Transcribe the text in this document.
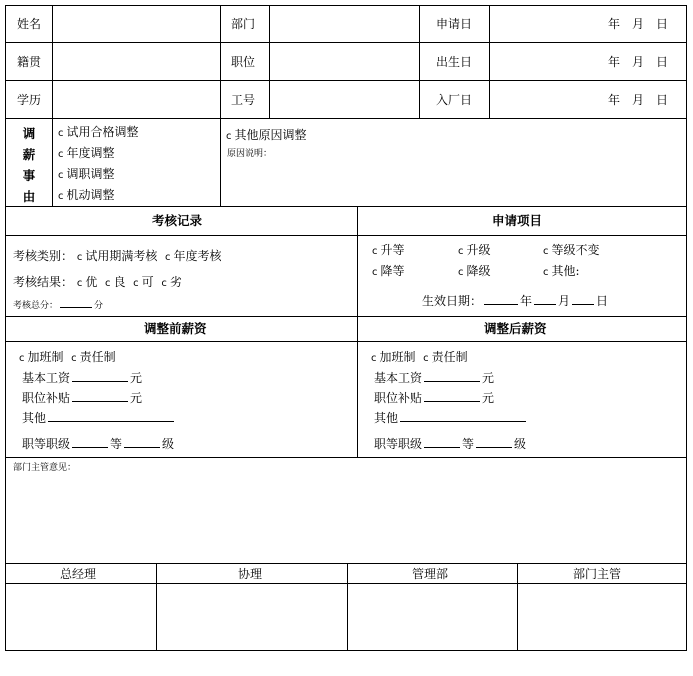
姓名	部门	申请日	年　月　日
籍贯	职位	出生日	年　月　日
学历	工号	入厂日	年　月　日
调
薪
事
由
c 试用合格调整
c 年度调整
c 调职调整
c 机动调整
c 其他原因调整
原因说明：
考核记录	申请项目
考核类别： c 试用期满考核 c 年度考核
考核结果： c 优 c 良 c 可 c 劣
考核总分：	分
c 升等	c 升级	c 等级不变
c 降等	c 降级	c 其他:
生效日期：	年 月 日
调整前薪资	调整后薪资
c 加班制 c 责任制
基本工资	元
职位补贴	元
其他
职等职级	等	级
c 加班制 c 责任制
基本工资	元
职位补贴	元
其他
职等职级	等	级
部门主管意见：
总经理	协理	管理部	部门主管
